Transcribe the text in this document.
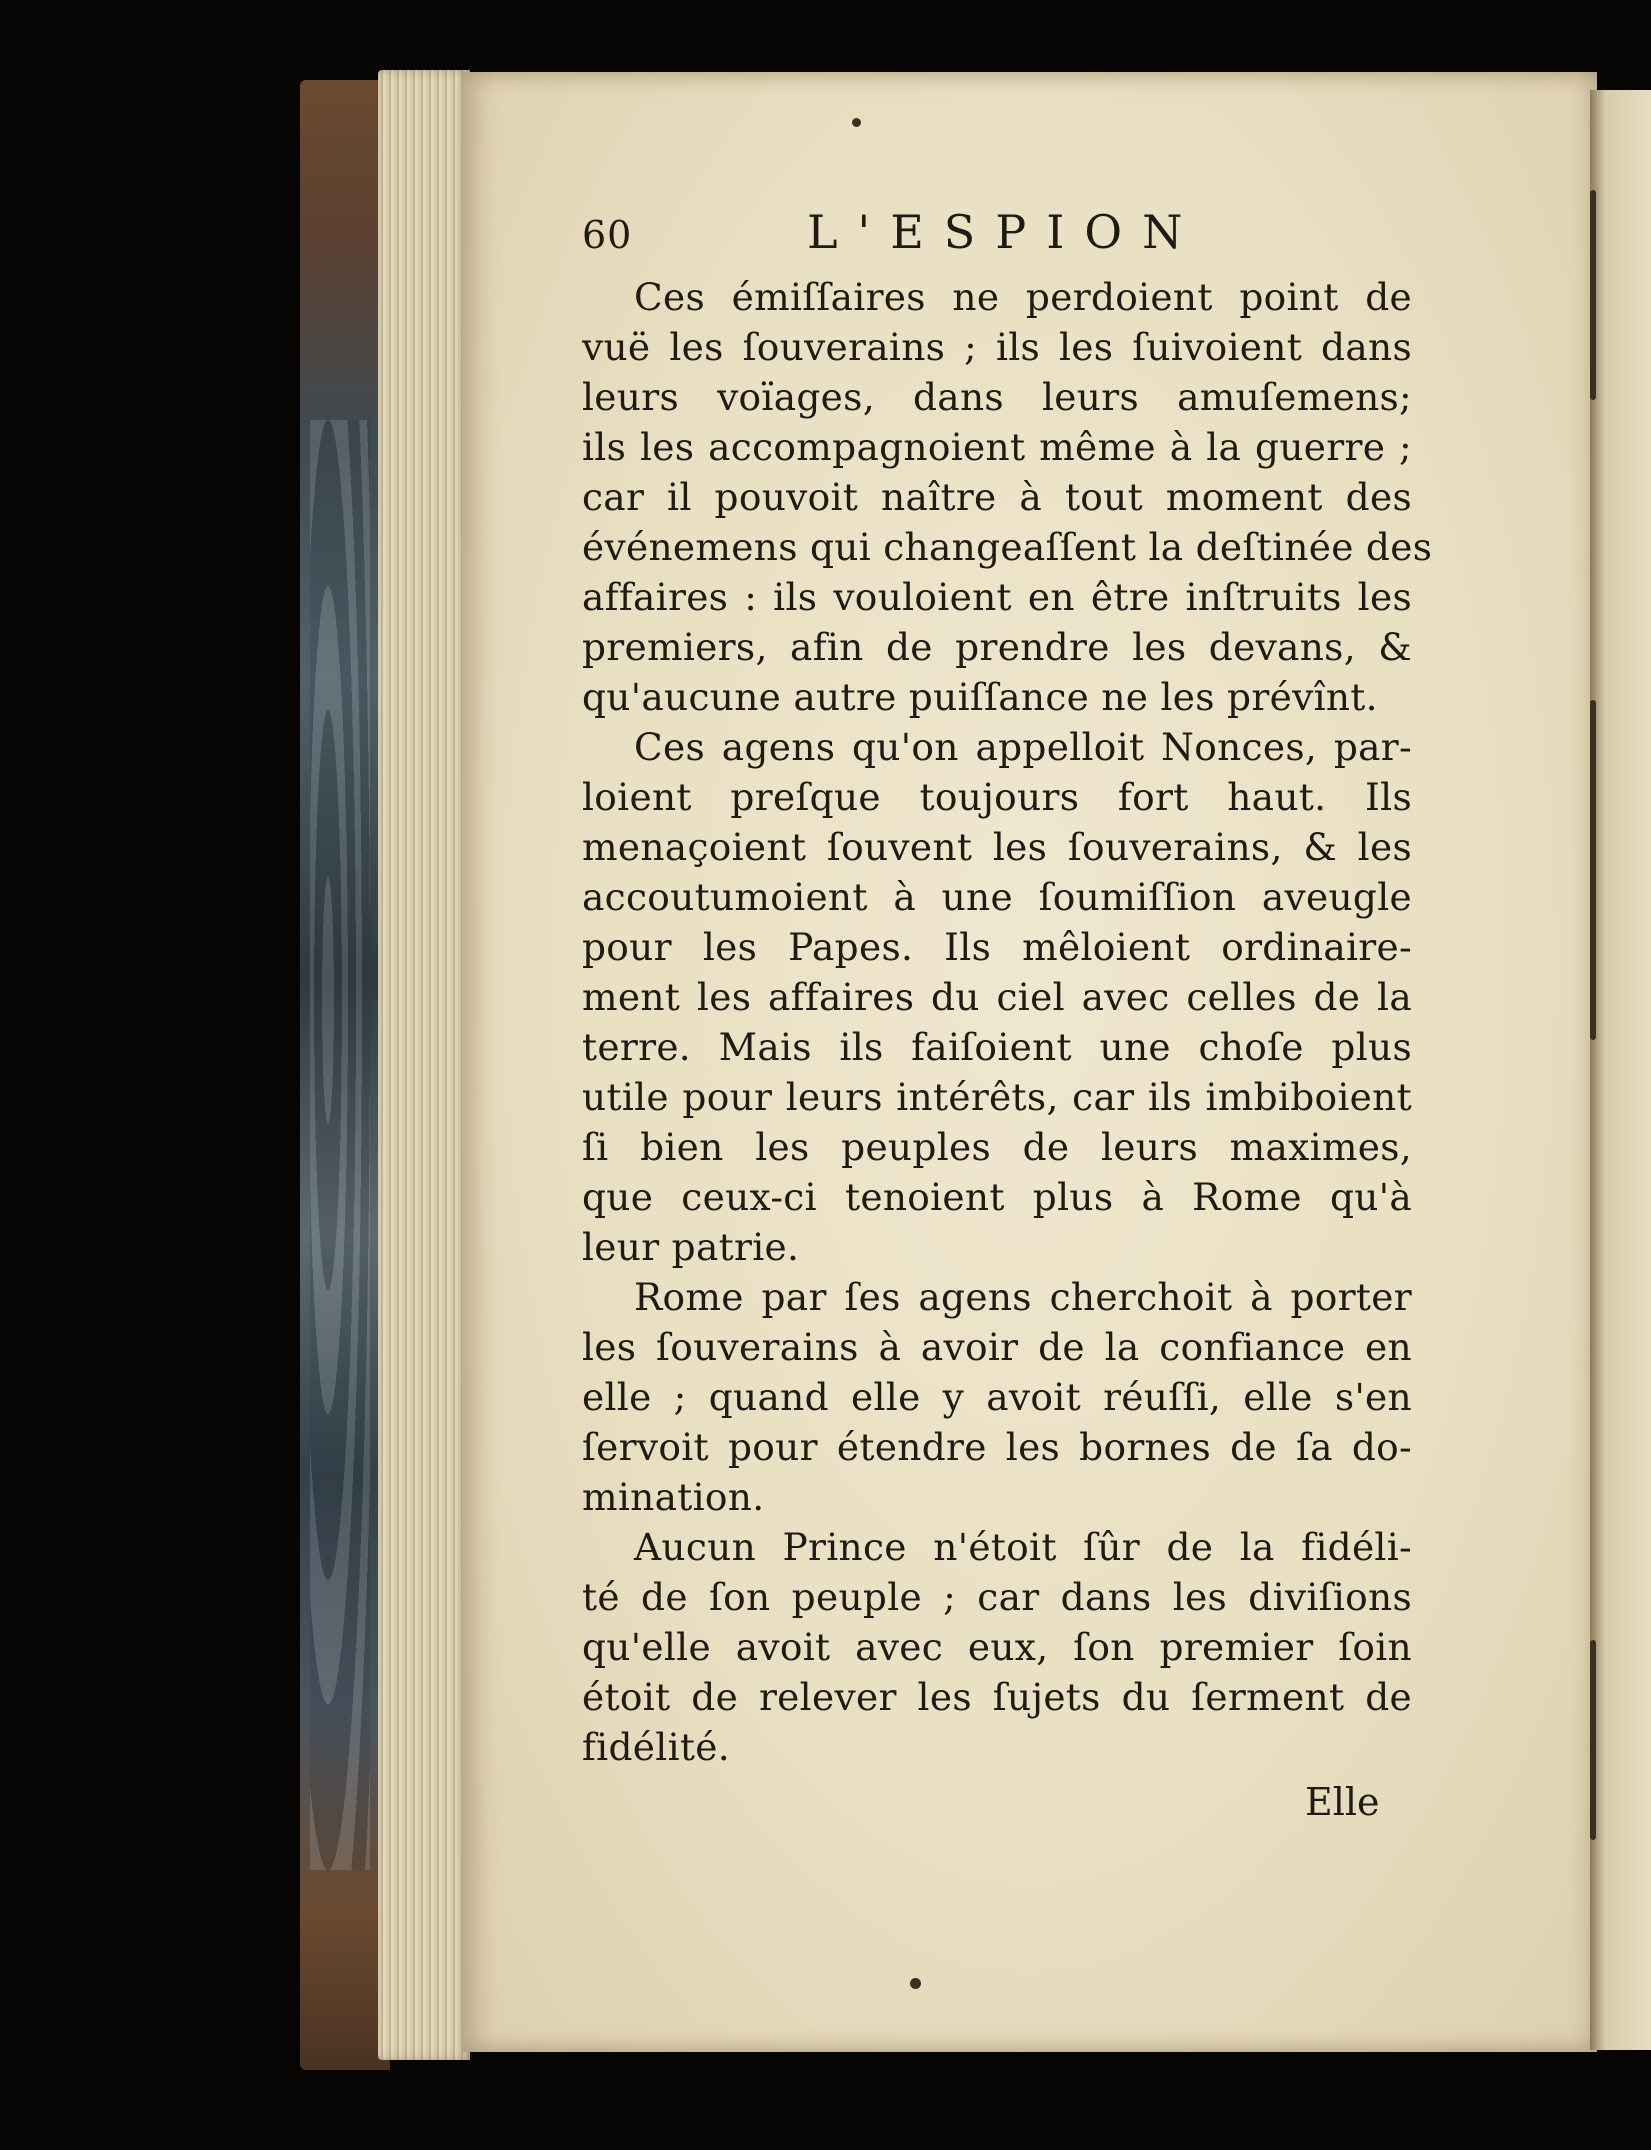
60	L'ESPION
Ces émiſſaires ne perdoient point de
vuë les ſouverains ; ils les ſuivoient dans
leurs voïages, dans leurs amuſemens;
ils les accompagnoient même à la guerre ;
car il pouvoit naître à tout moment des
événemens qui changeaſſent la deſtinée des
affaires : ils vouloient en être inſtruits les
premiers, afin de prendre les devans, &
qu'aucune autre puiſſance ne les prévînt.
Ces agens qu'on appelloit Nonces, par-
loient preſque toujours fort haut. Ils
menaçoient ſouvent les ſouverains, & les
accoutumoient à une ſoumiſſion aveugle
pour les Papes. Ils mêloient ordinaire-
ment les affaires du ciel avec celles de la
terre. Mais ils faiſoient une choſe plus
utile pour leurs intérêts, car ils imbiboient
ſi bien les peuples de leurs maximes,
que ceux-ci tenoient plus à Rome qu'à
leur patrie.
Rome par ſes agens cherchoit à porter
les ſouverains à avoir de la confiance en
elle ; quand elle y avoit réuſſi, elle s'en
ſervoit pour étendre les bornes de ſa do-
mination.
Aucun Prince n'étoit ſûr de la fidéli-
té de ſon peuple ; car dans les diviſions
qu'elle avoit avec eux, ſon premier ſoin
étoit de relever les ſujets du ſerment de
fidélité.
Elle
